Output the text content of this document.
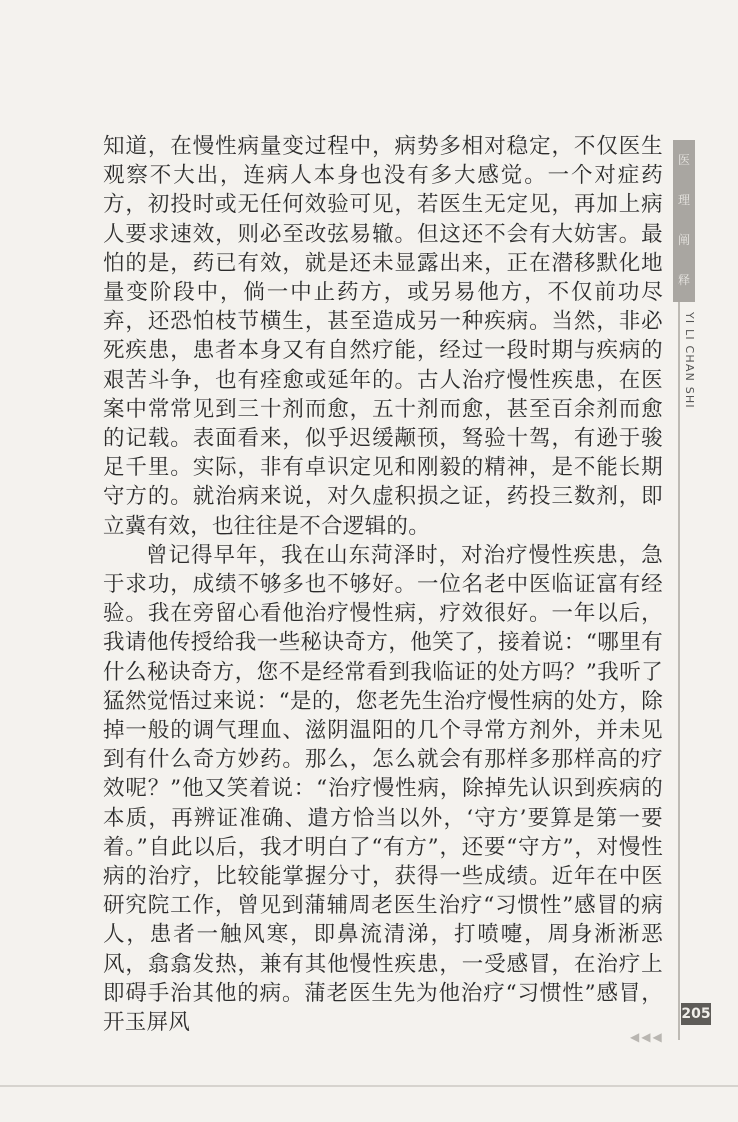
知道，在慢性病量变过程中，病势多相对稳定，不仅医生观察不大出，连病人本身也没有多大感觉。一个对症药方，初投时或无任何效验可见，若医生无定见，再加上病人要求速效，则必至改弦易辙。但这还不会有大妨害。最怕的是，药已有效，就是还未显露出来，正在潜移默化地量变阶段中，倘一中止药方，或另易他方，不仅前功尽弃，还恐怕枝节横生，甚至造成另一种疾病。当然，非必死疾患，患者本身又有自然疗能，经过一段时期与疾病的艰苦斗争，也有痊愈或延年的。古人治疗慢性疾患，在医案中常常见到三十剂而愈，五十剂而愈，甚至百余剂而愈的记载。表面看来，似乎迟缓颟顸，驽验十驾，有逊于骏足千里。实际，非有卓识定见和刚毅的精神，是不能长期守方的。就治病来说，对久虚积损之证，药投三数剂，即立冀有效，也往往是不合逻辑的。

曾记得早年，我在山东菏泽时，对治疗慢性疾患，急于求功，成绩不够多也不够好。一位名老中医临证富有经验。我在旁留心看他治疗慢性病，疗效很好。一年以后，我请他传授给我一些秘诀奇方，他笑了，接着说：“哪里有什么秘诀奇方，您不是经常看到我临证的处方吗？”我听了猛然觉悟过来说：“是的，您老先生治疗慢性病的处方，除掉一般的调气理血、滋阴温阳的几个寻常方剂外，并未见到有什么奇方妙药。那么，怎么就会有那样多那样高的疗效呢？”他又笑着说：“治疗慢性病，除掉先认识到疾病的本质，再辨证准确、遣方恰当以外，‘守方’要算是第一要着。”自此以后，我才明白了“有方”，还要“守方”，对慢性病的治疗，比较能掌握分寸，获得一些成绩。近年在中医研究院工作，曾见到蒲辅周老医生治疗“习惯性”感冒的病人，患者一触风寒，即鼻流清涕，打喷嚏，周身淅淅恶风，翕翕发热，兼有其他慢性疾患，一受感冒，在治疗上即碍手治其他的病。蒲老医生先为他治疗“习惯性”感冒，开玉屏风

医
理
阐
释
YI LI CHAN SHI
205
◀◀◀
